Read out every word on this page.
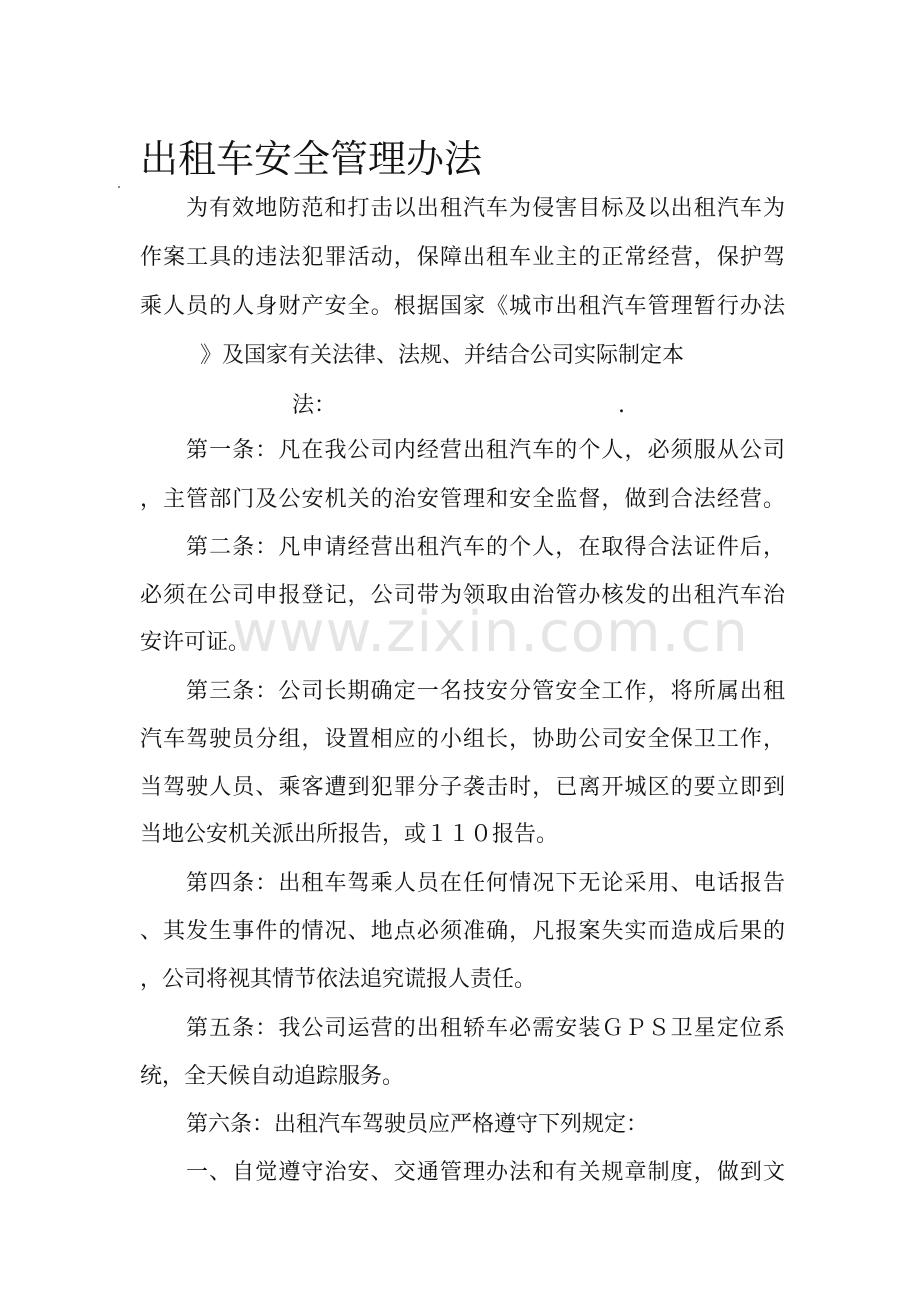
出租车安全管理办法
为有效地防范和打击以出租汽车为侵害目标及以出租汽车为
作案工具的违法犯罪活动，保障出租车业主的正常经营，保护驾
乘人员的人身财产安全。根据国家《城市出租汽车管理暂行办法
》及国家有关法律、法规、并结合公司实际制定本
法：	.
第一条：凡在我公司内经营出租汽车的个人，必须服从公司
，主管部门及公安机关的治安管理和安全监督，做到合法经营。
第二条：凡申请经营出租汽车的个人，在取得合法证件后，
必须在公司申报登记，公司带为领取由治管办核发的出租汽车治
安许可证。
第三条：公司长期确定一名技安分管安全工作，将所属出租
汽车驾驶员分组，设置相应的小组长，协助公司安全保卫工作，
当驾驶人员、乘客遭到犯罪分子袭击时，已离开城区的要立即到
当地公安机关派出所报告，或１１０报告。
第四条：出租车驾乘人员在任何情况下无论采用、电话报告
、其发生事件的情况、地点必须准确，凡报案失实而造成后果的
，公司将视其情节依法追究谎报人责任。
第五条：我公司运营的出租轿车必需安装ＧＰＳ卫星定位系
统，全天候自动追踪服务。
第六条：出租汽车驾驶员应严格遵守下列规定：
一、自觉遵守治安、交通管理办法和有关规章制度，做到文
www.zixin.com.cn
